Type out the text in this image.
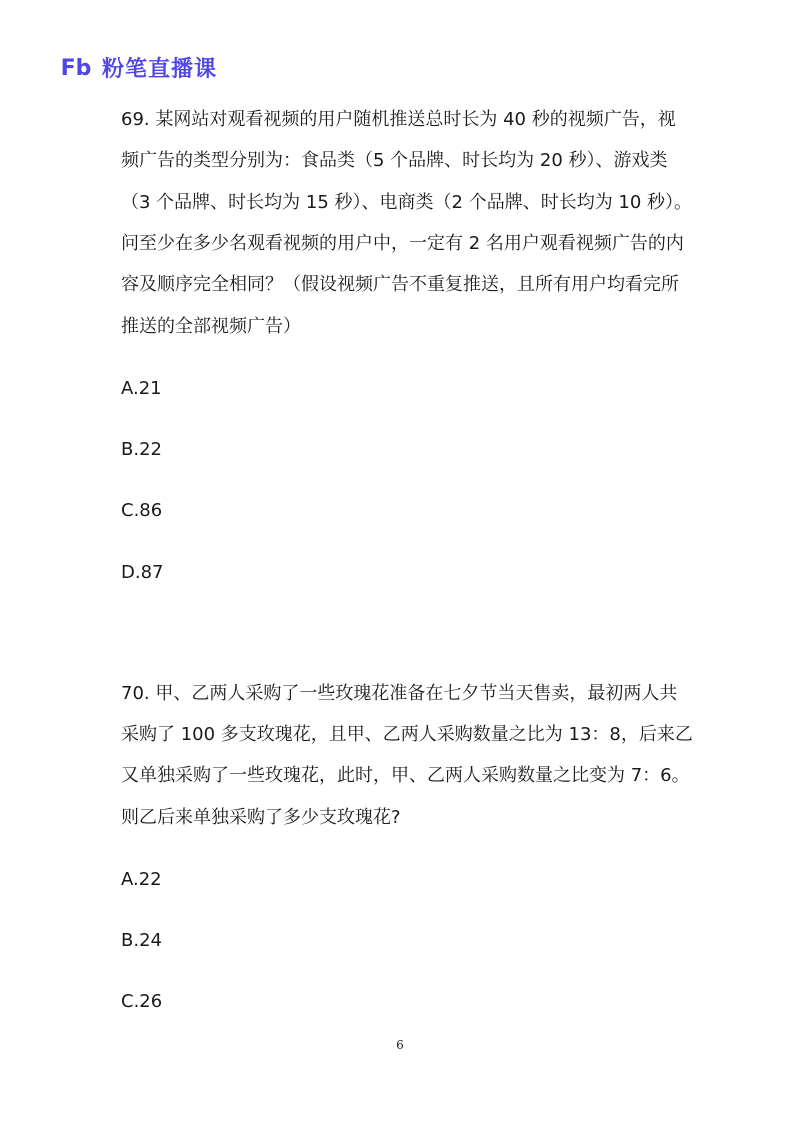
Fb 粉笔直播课
69. 某网站对观看视频的用户随机推送总时长为 40 秒的视频广告，视
频广告的类型分别为：食品类（5 个品牌、时长均为 20 秒）、游戏类
（3 个品牌、时长均为 15 秒）、电商类（2 个品牌、时长均为 10 秒）。
问至少在多少名观看视频的用户中，一定有 2 名用户观看视频广告的内
容及顺序完全相同？（假设视频广告不重复推送，且所有用户均看完所
推送的全部视频广告）
A.21
B.22
C.86
D.87
70. 甲、乙两人采购了一些玫瑰花准备在七夕节当天售卖，最初两人共
采购了 100 多支玫瑰花，且甲、乙两人采购数量之比为 13：8，后来乙
又单独采购了一些玫瑰花，此时，甲、乙两人采购数量之比变为 7：6。
则乙后来单独采购了多少支玫瑰花?
A.22
B.24
C.26
6
